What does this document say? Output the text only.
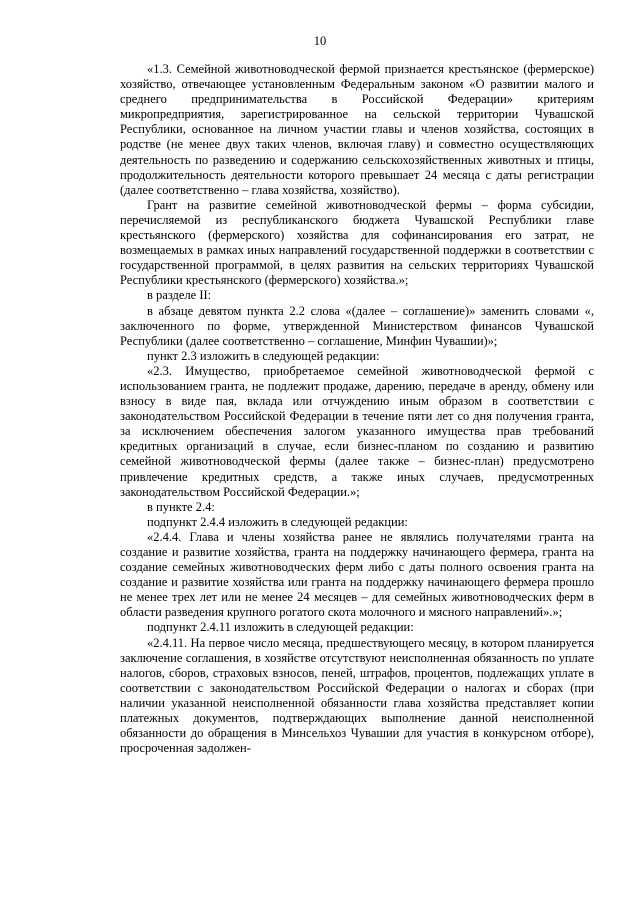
10

«1.3. Семейной животноводческой фермой признается крестьянское (фермерское) хозяйство, отвечающее установленным Федеральным законом «О развитии малого и среднего предпринимательства в Российской Федерации» критериям микропредприятия, зарегистрированное на сельской территории Чувашской Республики, основанное на личном участии главы и членов хозяйства, состоящих в родстве (не менее двух таких членов, включая главу) и совместно осуществляющих деятельность по разведению и содержанию сельскохозяйственных животных и птицы, продолжительность деятельности которого превышает 24 месяца с даты регистрации (далее соответственно – глава хозяйства, хозяйство).

Грант на развитие семейной животноводческой фермы – форма субсидии, перечисляемой из республиканского бюджета Чувашской Республики главе крестьянского (фермерского) хозяйства для софинансирования его затрат, не возмещаемых в рамках иных направлений государственной поддержки в соответствии с государственной программой, в целях развития на сельских территориях Чувашской Республики крестьянского (фермерского) хозяйства.»;

в разделе II:

в абзаце девятом пункта 2.2 слова «(далее – соглашение)» заменить словами «, заключенного по форме, утвержденной Министерством финансов Чувашской Республики (далее соответственно – соглашение, Минфин Чувашии)»;

пункт 2.3 изложить в следующей редакции:

«2.3. Имущество, приобретаемое семейной животноводческой фермой с использованием гранта, не подлежит продаже, дарению, передаче в аренду, обмену или взносу в виде пая, вклада или отчуждению иным образом в соответствии с законодательством Российской Федерации в течение пяти лет со дня получения гранта, за исключением обеспечения залогом указанного имущества прав требований кредитных организаций в случае, если бизнес-планом по созданию и развитию семейной животноводческой фермы (далее также – бизнес-план) предусмотрено привлечение кредитных средств, а также иных случаев, предусмотренных законодательством Российской Федерации.»;

в пункте 2.4:

подпункт 2.4.4 изложить в следующей редакции:

«2.4.4. Глава и члены хозяйства ранее не являлись получателями гранта на создание и развитие хозяйства, гранта на поддержку начинающего фермера, гранта на создание семейных животноводческих ферм либо с даты полного освоения гранта на создание и развитие хозяйства или гранта на поддержку начинающего фермера прошло не менее трех лет или не менее 24 месяцев – для семейных животноводческих ферм в области разведения крупного рогатого скота молочного и мясного направлений».»;

подпункт 2.4.11 изложить в следующей редакции:

«2.4.11. На первое число месяца, предшествующего месяцу, в котором планируется заключение соглашения, в хозяйстве отсутствуют неисполненная обязанность по уплате налогов, сборов, страховых взносов, пеней, штрафов, процентов, подлежащих уплате в соответствии с законодательством Российской Федерации о налогах и сборах (при наличии указанной неисполненной обязанности глава хозяйства представляет копии платежных документов, подтверждающих выполнение данной неисполненной обязанности до обращения в Минсельхоз Чувашии для участия в конкурсном отборе), просроченная задолжен-
